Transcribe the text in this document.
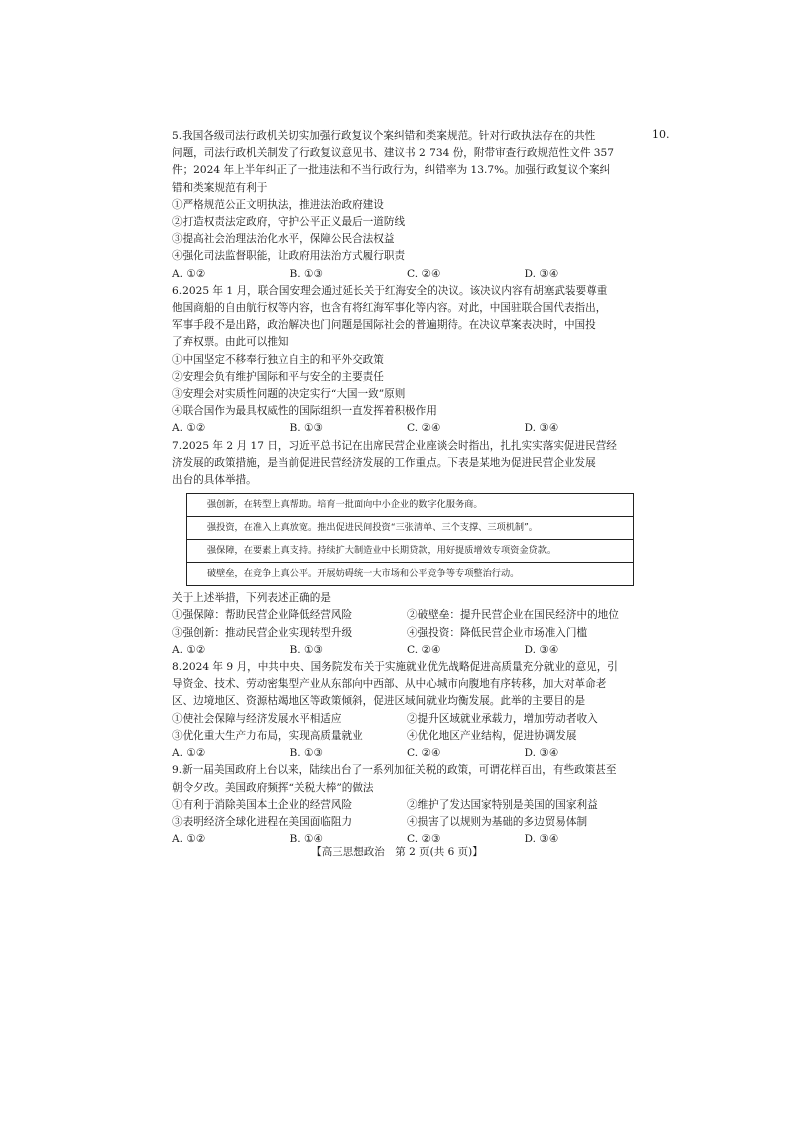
10.
5.我国各级司法行政机关切实加强行政复议个案纠错和类案规范。针对行政执法存在的共性
问题，司法行政机关制发了行政复议意见书、建议书 2 734 份，附带审查行政规范性文件 357
件；2024 年上半年纠正了一批违法和不当行政行为，纠错率为 13.7%。加强行政复议个案纠
错和类案规范有利于
①严格规范公正文明执法，推进法治政府建设
②打造权责法定政府，守护公平正义最后一道防线
③提高社会治理法治化水平，保障公民合法权益
④强化司法监督职能，让政府用法治方式履行职责
A. ①②	B. ①③	C. ②④	D. ③④
6.2025 年 1 月，联合国安理会通过延长关于红海安全的决议。该决议内容有胡塞武装要尊重
他国商船的自由航行权等内容，也含有将红海军事化等内容。对此，中国驻联合国代表指出，
军事手段不是出路，政治解决也门问题是国际社会的普遍期待。在决议草案表决时，中国投
了弃权票。由此可以推知
①中国坚定不移奉行独立自主的和平外交政策
②安理会负有维护国际和平与安全的主要责任
③安理会对实质性问题的决定实行“大国一致”原则
④联合国作为最具权威性的国际组织一直发挥着积极作用
A. ①②	B. ①③	C. ②④	D. ③④
7.2025 年 2 月 17 日，习近平总书记在出席民营企业座谈会时指出，扎扎实实落实促进民营经
济发展的政策措施，是当前促进民营经济发展的工作重点。下表是某地为促进民营企业发展
出台的具体举措。
强创新，在转型上真帮助。培育一批面向中小企业的数字化服务商。
强投资，在准入上真放宽。推出促进民间投资“三张清单、三个支撑、三项机制”。
强保障，在要素上真支持。持续扩大制造业中长期贷款，用好提质增效专项资金贷款。
破壁垒，在竞争上真公平。开展妨碍统一大市场和公平竞争等专项整治行动。
关于上述举措，下列表述正确的是
①强保障：帮助民营企业降低经营风险	②破壁垒：提升民营企业在国民经济中的地位
③强创新：推动民营企业实现转型升级	④强投资：降低民营企业市场准入门槛
A. ①②	B. ①③	C. ②④	D. ③④
8.2024 年 9 月，中共中央、国务院发布关于实施就业优先战略促进高质量充分就业的意见，引
导资金、技术、劳动密集型产业从东部向中西部、从中心城市向腹地有序转移，加大对革命老
区、边境地区、资源枯竭地区等政策倾斜，促进区域间就业均衡发展。此举的主要目的是
①使社会保障与经济发展水平相适应	②提升区域就业承载力，增加劳动者收入
③优化重大生产力布局，实现高质量就业	④优化地区产业结构，促进协调发展
A. ①②	B. ①③	C. ②④	D. ③④
9.新一届美国政府上台以来，陆续出台了一系列加征关税的政策，可谓花样百出，有些政策甚至
朝令夕改。美国政府频挥“关税大棒”的做法
①有利于消除美国本土企业的经营风险	②维护了发达国家特别是美国的国家利益
③表明经济全球化进程在美国面临阻力	④损害了以规则为基础的多边贸易体制
A. ①②	B. ①④	C. ②③	D. ③④
【高三思想政治　第 2 页(共 6 页)】
